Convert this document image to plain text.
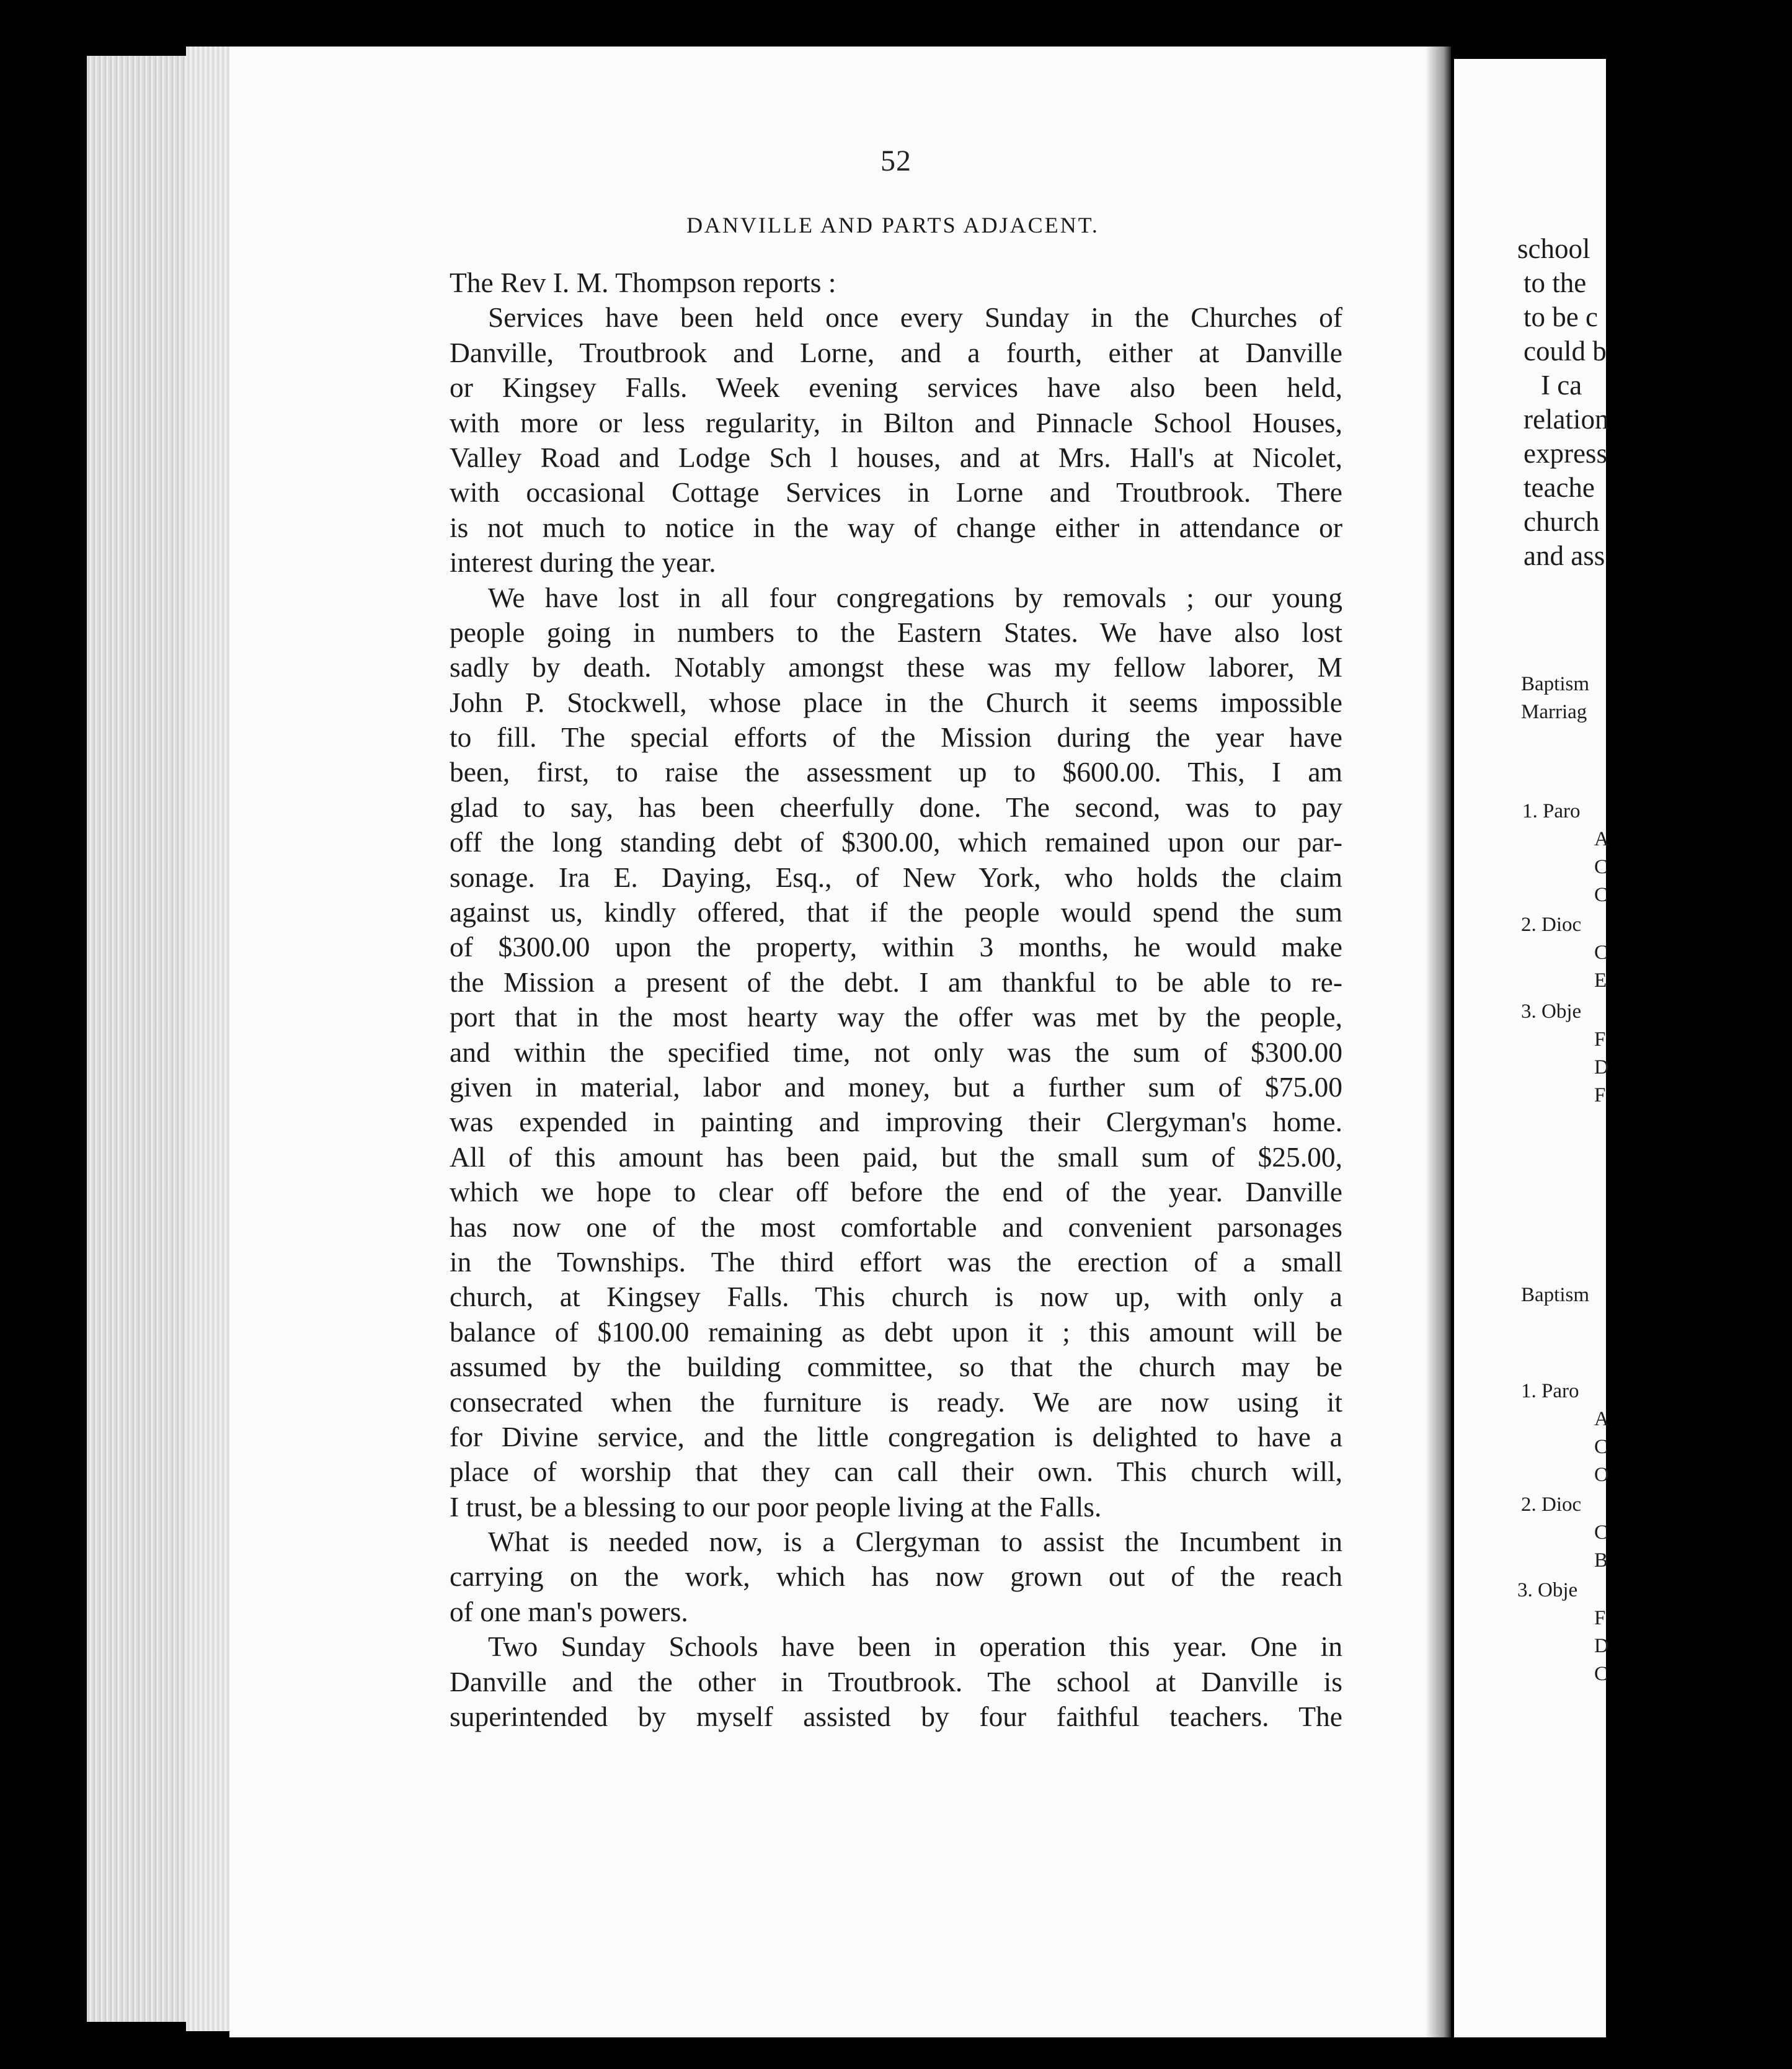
52
DANVILLE AND PARTS ADJACENT.
The Rev I. M. Thompson reports :
Services have been held once every Sunday in the Churches of
Danville, Troutbrook and Lorne, and a fourth, either at Danville
or Kingsey Falls. Week evening services have also been held,
with more or less regularity, in Bilton and Pinnacle School Houses,
Valley Road and Lodge Sch l houses, and at Mrs. Hall's at Nicolet,
with occasional Cottage Services in Lorne and Troutbrook. There
is not much to notice in the way of change either in attendance or
interest during the year.
We have lost in all four congregations by removals ; our young
people going in numbers to the Eastern States. We have also lost
sadly by death. Notably amongst these was my fellow laborer, M
John P. Stockwell, whose place in the Church it seems impossible
to fill. The special efforts of the Mission during the year have
been, first, to raise the assessment up to $600.00. This, I am
glad to say, has been cheerfully done. The second, was to pay
off the long standing debt of $300.00, which remained upon our par-
sonage. Ira E. Daying, Esq., of New York, who holds the claim
against us, kindly offered, that if the people would spend the sum
of $300.00 upon the property, within 3 months, he would make
the Mission a present of the debt. I am thankful to be able to re-
port that in the most hearty way the offer was met by the people,
and within the specified time, not only was the sum of $300.00
given in material, labor and money, but a further sum of $75.00
was expended in painting and improving their Clergyman's home.
All of this amount has been paid, but the small sum of $25.00,
which we hope to clear off before the end of the year. Danville
has now one of the most comfortable and convenient parsonages
in the Townships. The third effort was the erection of a small
church, at Kingsey Falls. This church is now up, with only a
balance of $100.00 remaining as debt upon it ; this amount will be
assumed by the building committee, so that the church may be
consecrated when the furniture is ready. We are now using it
for Divine service, and the little congregation is delighted to have a
place of worship that they can call their own. This church will,
I trust, be a blessing to our poor people living at the Falls.
What is needed now, is a Clergyman to assist the Incumbent in
carrying on the work, which has now grown out of the reach
of one man's powers.
Two Sunday Schools have been in operation this year. One in
Danville and the other in Troutbrook. The school at Danville is
superintended by myself assisted by four faithful teachers. The
school
to the
to be c
could b
I ca
relation
express
teache
church
and ass
Baptism
Marriag
1. Paro
A
C
C
2. Dioc
C
E
3. Obje
F
D
F
Baptism
1. Paro
A
C
O
2. Dioc
C
B
3. Obje
F
D
C
